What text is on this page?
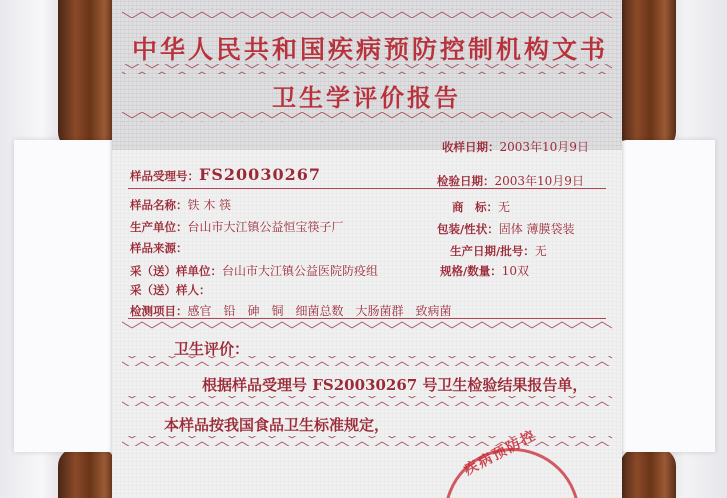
中华人民共和国疾病预防控制机构文书
卫生学评价报告
收样日期：2003年10月9日
样品受理号：FS20030267	检验日期：2003年10月9日
样品名称：铁 木 筷	商　标：无
生产单位：台山市大江镇公益恒宝筷子厂	包装/性状：固体 薄膜袋装
样品来源：	生产日期/批号：无
采（送）样单位：台山市大江镇公益医院防疫组	规格/数量：10双
采（送）样人：
检测项目：感官　铅　砷　铜　细菌总数　大肠菌群　致病菌
卫生评价：
根据样品受理号 FS20030267 号卫生检验结果报告单，
本样品按我国食品卫生标准规定，
疾病预防控
